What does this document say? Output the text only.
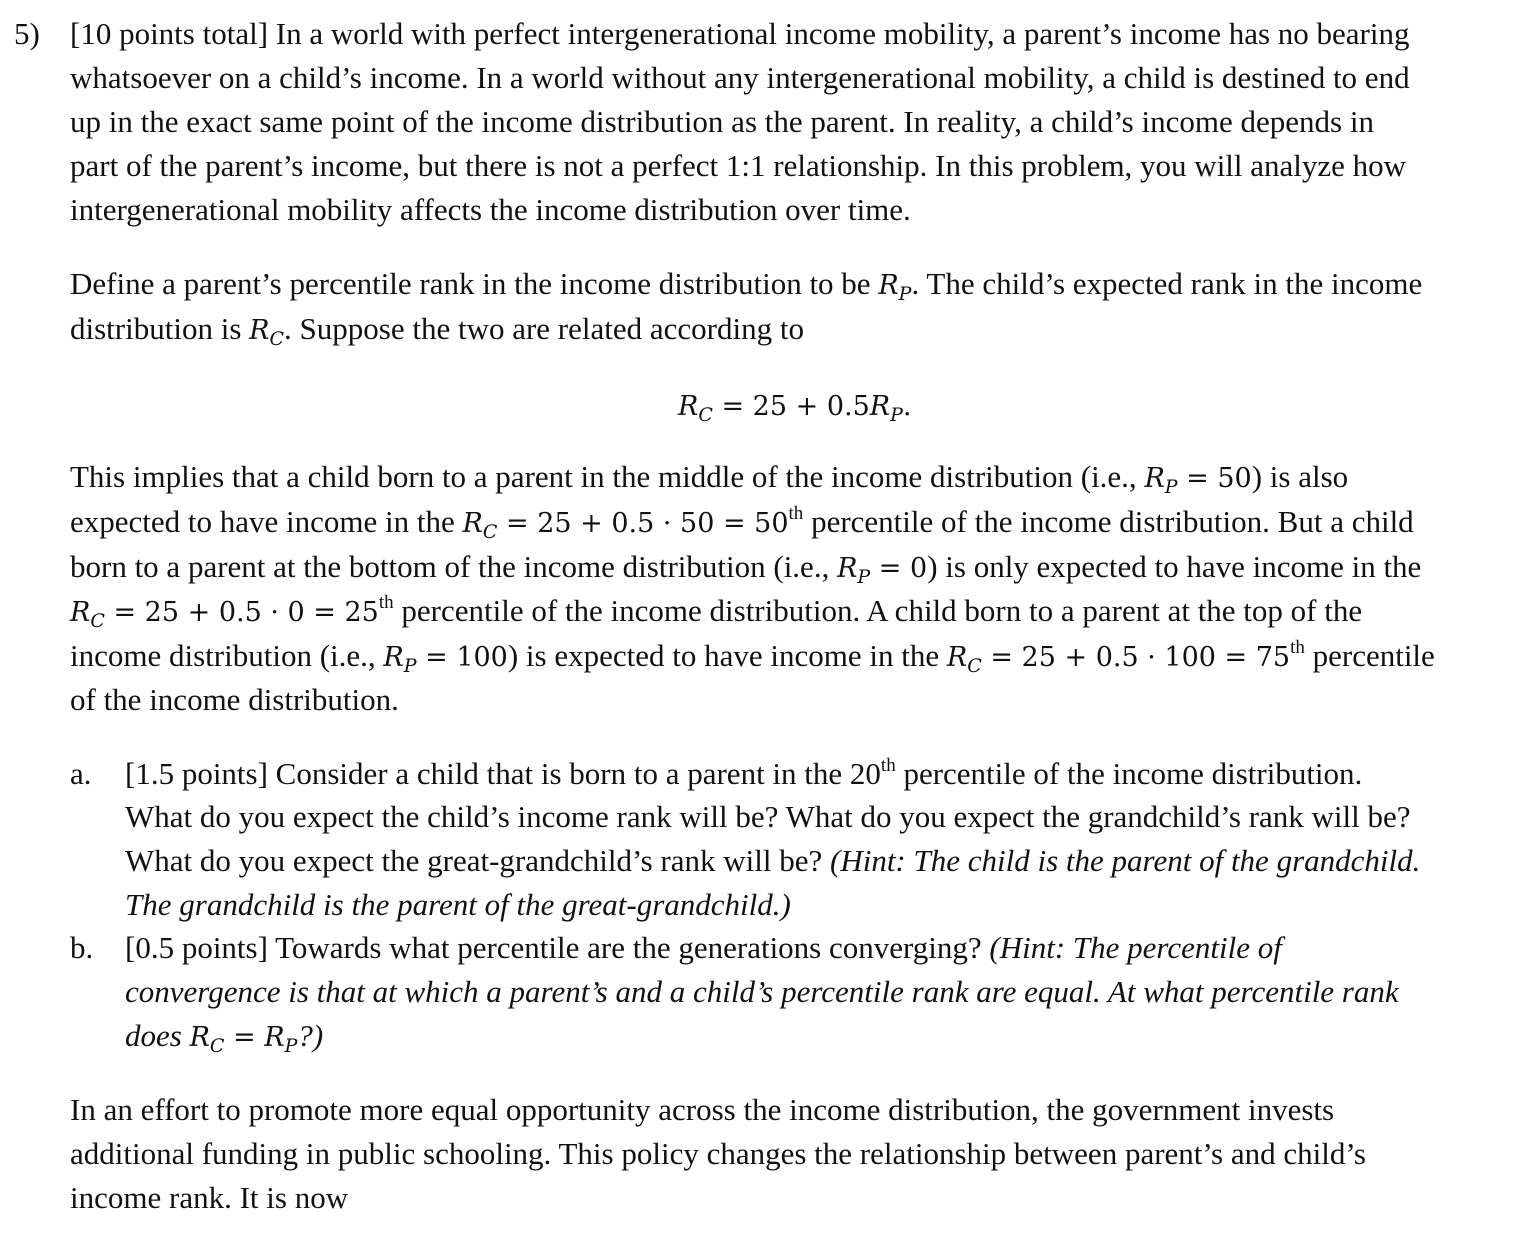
5) [10 points total] In a world with perfect intergenerational income mobility, a parent’s income has no bearing
whatsoever on a child’s income. In a world without any intergenerational mobility, a child is destined to end
up in the exact same point of the income distribution as the parent. In reality, a child’s income depends in
part of the parent’s income, but there is not a perfect 1:1 relationship. In this problem, you will analyze how
intergenerational mobility affects the income distribution over time.
Define a parent’s percentile rank in the income distribution to be RP. The child’s expected rank in the income
distribution is RC. Suppose the two are related according to
RC = 25 + 0.5RP.
This implies that a child born to a parent in the middle of the income distribution (i.e., RP = 50) is also
expected to have income in the RC = 25 + 0.5 · 50 = 50th percentile of the income distribution. But a child
born to a parent at the bottom of the income distribution (i.e., RP = 0) is only expected to have income in the
RC = 25 + 0.5 · 0 = 25th percentile of the income distribution. A child born to a parent at the top of the
income distribution (i.e., RP = 100) is expected to have income in the RC = 25 + 0.5 · 100 = 75th percentile
of the income distribution.
a. [1.5 points] Consider a child that is born to a parent in the 20th percentile of the income distribution.
What do you expect the child’s income rank will be? What do you expect the grandchild’s rank will be?
What do you expect the great-grandchild’s rank will be? (Hint: The child is the parent of the grandchild.
The grandchild is the parent of the great-grandchild.)
b. [0.5 points] Towards what percentile are the generations converging? (Hint: The percentile of
convergence is that at which a parent’s and a child’s percentile rank are equal. At what percentile rank
does RC = RP?)
In an effort to promote more equal opportunity across the income distribution, the government invests
additional funding in public schooling. This policy changes the relationship between parent’s and child’s
income rank. It is now
